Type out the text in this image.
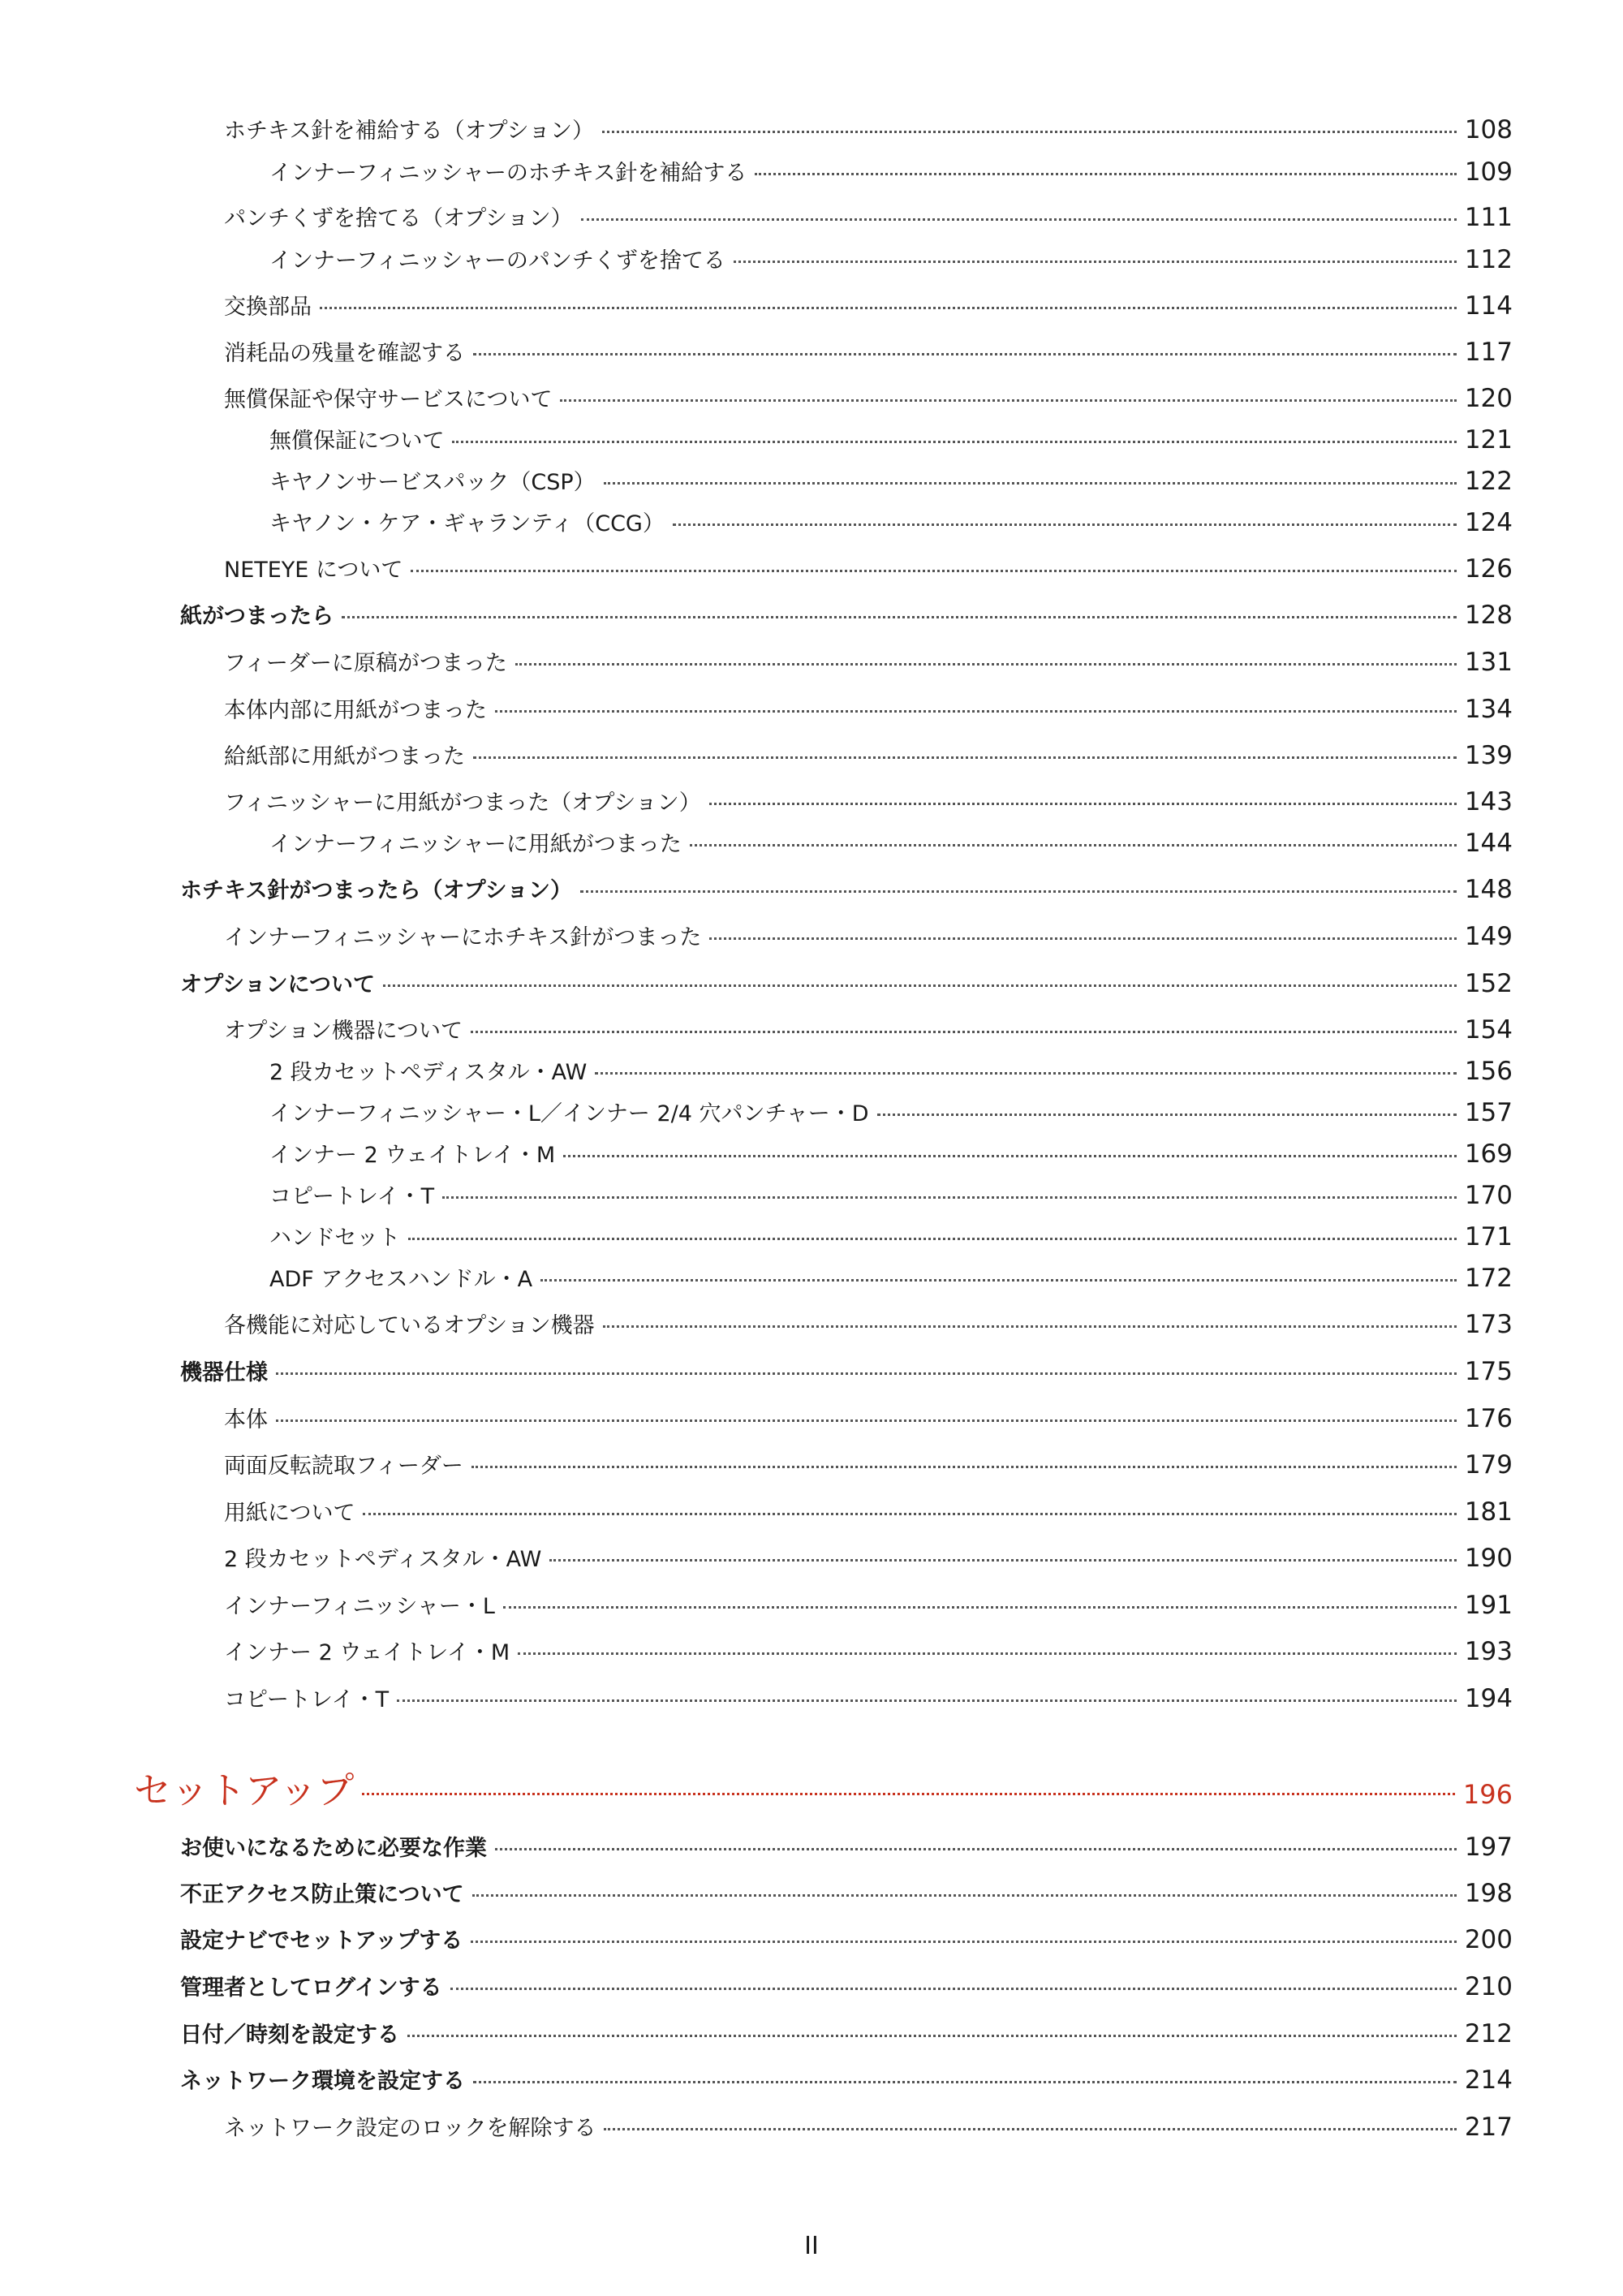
ホチキス針を補給する（オプション）	108
インナーフィニッシャーのホチキス針を補給する	109
パンチくずを捨てる（オプション）	111
インナーフィニッシャーのパンチくずを捨てる	112
交換部品	114
消耗品の残量を確認する	117
無償保証や保守サービスについて	120
無償保証について	121
キヤノンサービスパック（CSP）	122
キヤノン・ケア・ギャランティ（CCG）	124
NETEYE について	126
紙がつまったら	128
フィーダーに原稿がつまった	131
本体内部に用紙がつまった	134
給紙部に用紙がつまった	139
フィニッシャーに用紙がつまった（オプション）	143
インナーフィニッシャーに用紙がつまった	144
ホチキス針がつまったら（オプション）	148
インナーフィニッシャーにホチキス針がつまった	149
オプションについて	152
オプション機器について	154
2 段カセットペディスタル・AW	156
インナーフィニッシャー・L／インナー 2/4 穴パンチャー・D	157
インナー 2 ウェイトレイ・M	169
コピートレイ・T	170
ハンドセット	171
ADF アクセスハンドル・A	172
各機能に対応しているオプション機器	173
機器仕様	175
本体	176
両面反転読取フィーダー	179
用紙について	181
2 段カセットペディスタル・AW	190
インナーフィニッシャー・L	191
インナー 2 ウェイトレイ・M	193
コピートレイ・T	194
セットアップ	196
お使いになるために必要な作業	197
不正アクセス防止策について	198
設定ナビでセットアップする	200
管理者としてログインする	210
日付／時刻を設定する	212
ネットワーク環境を設定する	214
ネットワーク設定のロックを解除する	217
II
